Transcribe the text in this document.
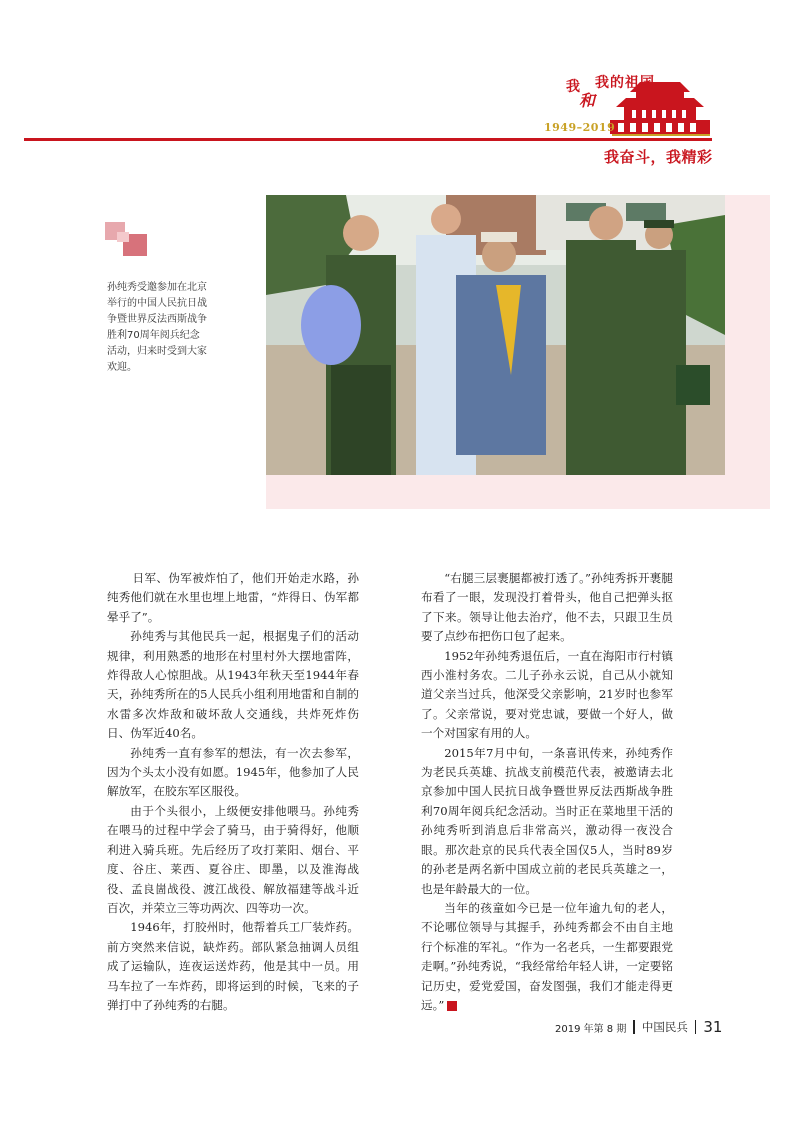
我
和
我的祖国
1949–2019
我奋斗，我精彩
孙纯秀受邀参加在北京
举行的中国人民抗日战
争暨世界反法西斯战争
胜利70周年阅兵纪念
活动，归来时受到大家
欢迎。

日军、伪军被炸怕了，他们开始走水路，孙纯秀他们就在水里也埋上地雷，“炸得日、伪军都晕乎了”。

孙纯秀与其他民兵一起，根据鬼子们的活动规律，利用熟悉的地形在村里村外大摆地雷阵，炸得敌人心惊胆战。从1943年秋天至1944年春天，孙纯秀所在的5人民兵小组利用地雷和自制的水雷多次炸敌和破坏敌人交通线，共炸死炸伤日、伪军近40名。

孙纯秀一直有参军的想法，有一次去参军，因为个头太小没有如愿。1945年，他参加了人民解放军，在胶东军区服役。

由于个头很小，上级便安排他喂马。孙纯秀在喂马的过程中学会了骑马，由于骑得好，他顺利进入骑兵班。先后经历了攻打莱阳、烟台、平度、谷庄、莱西、夏谷庄、即墨，以及淮海战役、孟良崮战役、渡江战役、解放福建等战斗近百次，并荣立三等功两次、四等功一次。

1946年，打胶州时，他帮着兵工厂装炸药。前方突然来信说，缺炸药。部队紧急抽调人员组成了运输队，连夜运送炸药，他是其中一员。用马车拉了一车炸药，即将运到的时候，飞来的子弹打中了孙纯秀的右腿。

“右腿三层裹腿都被打透了。”孙纯秀拆开裹腿布看了一眼，发现没打着骨头，他自己把弹头抠了下来。领导让他去治疗，他不去，只跟卫生员要了点纱布把伤口包了起来。

1952年孙纯秀退伍后，一直在海阳市行村镇西小淮村务农。二儿子孙永云说，自己从小就知道父亲当过兵，他深受父亲影响，21岁时也参军了。父亲常说，要对党忠诚，要做一个好人，做一个对国家有用的人。

2015年7月中旬，一条喜讯传来，孙纯秀作为老民兵英雄、抗战支前模范代表，被邀请去北京参加中国人民抗日战争暨世界反法西斯战争胜利70周年阅兵纪念活动。当时正在菜地里干活的孙纯秀听到消息后非常高兴，激动得一夜没合眼。那次赴京的民兵代表全国仅5人，当时89岁的孙老是两名新中国成立前的老民兵英雄之一，也是年龄最大的一位。

当年的孩童如今已是一位年逾九旬的老人，不论哪位领导与其握手，孙纯秀都会不由自主地行个标准的军礼。“作为一名老兵，一生都要跟党走啊。”孙纯秀说，“我经常给年轻人讲，一定要铭记历史，爱党爱国，奋发图强，我们才能走得更远。”	兵

2019 年第 8 期 中国民兵 31
